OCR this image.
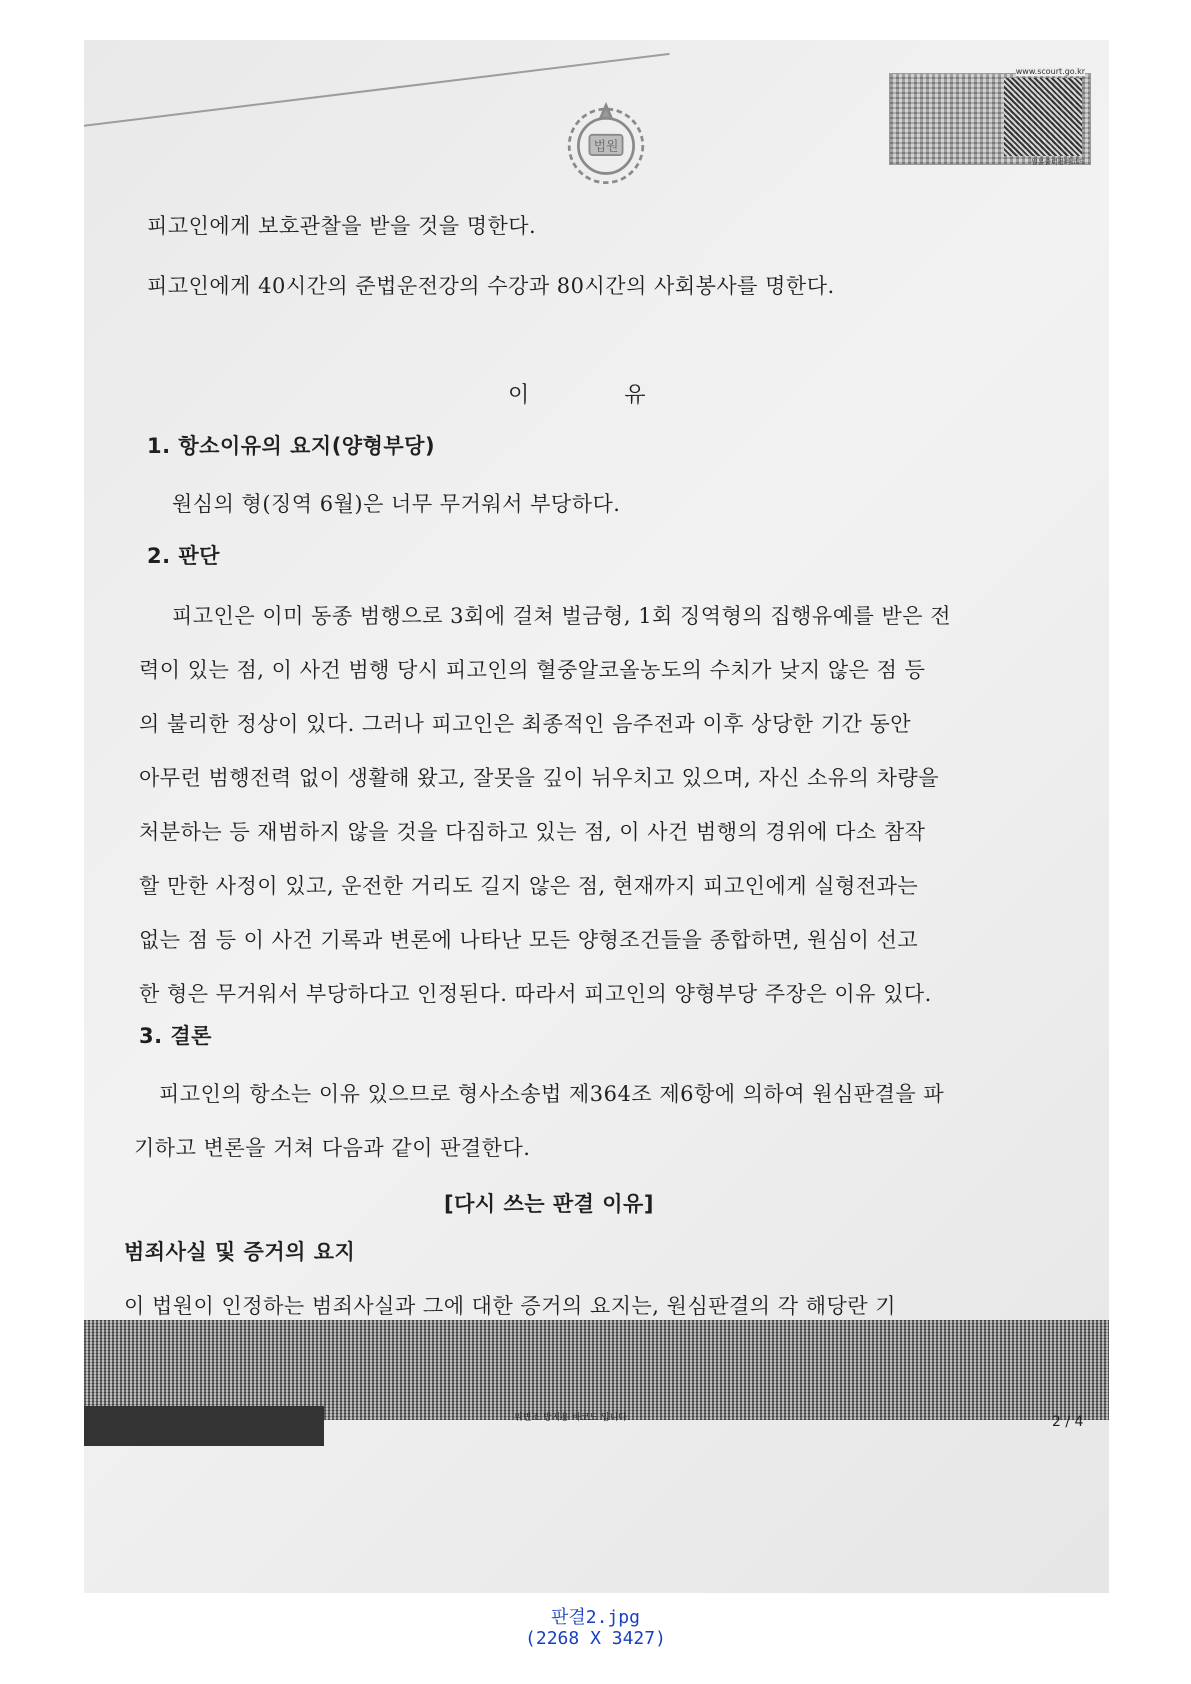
법원
www.scourt.go.kr
원본출력용바코드
피고인에게 보호관찰을 받을 것을 명한다.
피고인에게 40시간의 준법운전강의 수강과 80시간의 사회봉사를 명한다.
이 유
1. 항소이유의 요지(양형부당)
원심의 형(징역 6월)은 너무 무거워서 부당하다.
2. 판단
피고인은 이미 동종 범행으로 3회에 걸쳐 벌금형, 1회 징역형의 집행유예를 받은 전
력이 있는 점, 이 사건 범행 당시 피고인의 혈중알코올농도의 수치가 낮지 않은 점 등
의 불리한 정상이 있다. 그러나 피고인은 최종적인 음주전과 이후 상당한 기간 동안
아무런 범행전력 없이 생활해 왔고, 잘못을 깊이 뉘우치고 있으며, 자신 소유의 차량을
처분하는 등 재범하지 않을 것을 다짐하고 있는 점, 이 사건 범행의 경위에 다소 참작
할 만한 사정이 있고, 운전한 거리도 길지 않은 점, 현재까지 피고인에게 실형전과는
없는 점 등 이 사건 기록과 변론에 나타난 모든 양형조건들을 종합하면, 원심이 선고
한 형은 무거워서 부당하다고 인정된다. 따라서 피고인의 양형부당 주장은 이유 있다.
3. 결론
피고인의 항소는 이유 있으므로 형사소송법 제364조 제6항에 의하여 원심판결을 파
기하고 변론을 거쳐 다음과 같이 판결한다.
[다시 쓰는 판결 이유]
범죄사실 및 증거의 요지
이 법원이 인정하는 범죄사실과 그에 대한 증거의 요지는, 원심판결의 각 해당란 기
위변조 방지용 바코드 입니다.	2 / 4
판결2.jpg
(2268 X 3427)
